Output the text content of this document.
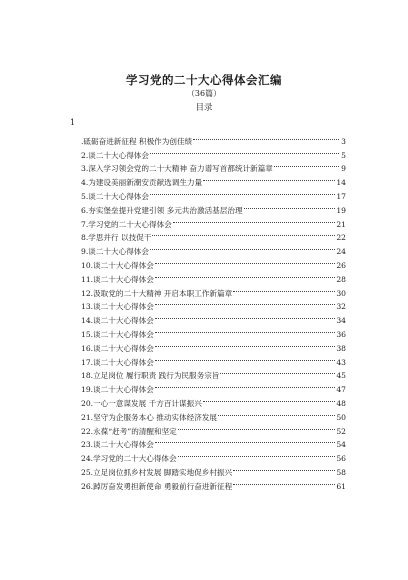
学习党的二十大心得体会汇编
（36篇）
目录
1
.砥砺奋进新征程 积极作为创佳绩	3
2.谈二十大心得体会	5
3.深入学习领会党的二十大精神 奋力谱写首都统计新篇章	9
4.为建设美丽新潮安贡献选调生力量	14
5.谈二十大心得体会	17
6.夯实堡垒提升党建引领 多元共治激活基层治理	19
7.学习党的二十大心得体会	21
8.学思并行 以技促干	22
9.谈二十大心得体会	24
10.谈二十大心得体会	26
11.谈二十大心得体会	28
12.汲取党的二十大精神 开启本职工作新篇章	30
13.谈二十大心得体会	32
14.谈二十大心得体会	34
15.谈二十大心得体会	36
16.谈二十大心得体会	38
17.谈二十大心得体会	43
18.立足岗位 履行职责 践行为民服务宗旨	45
19.谈二十大心得体会	47
20.一心一意谋发展 千方百计谋振兴	48
21.坚守为企服务本心 推动实体经济发展	50
22.永葆“赶考”的清醒和坚定	52
23.谈二十大心得体会	54
24.学习党的二十大心得体会	56
25.立足岗位抓乡村发展 脚踏实地促乡村振兴	58
26.踔厉奋发勇担新使命 勇毅前行奋进新征程	61
